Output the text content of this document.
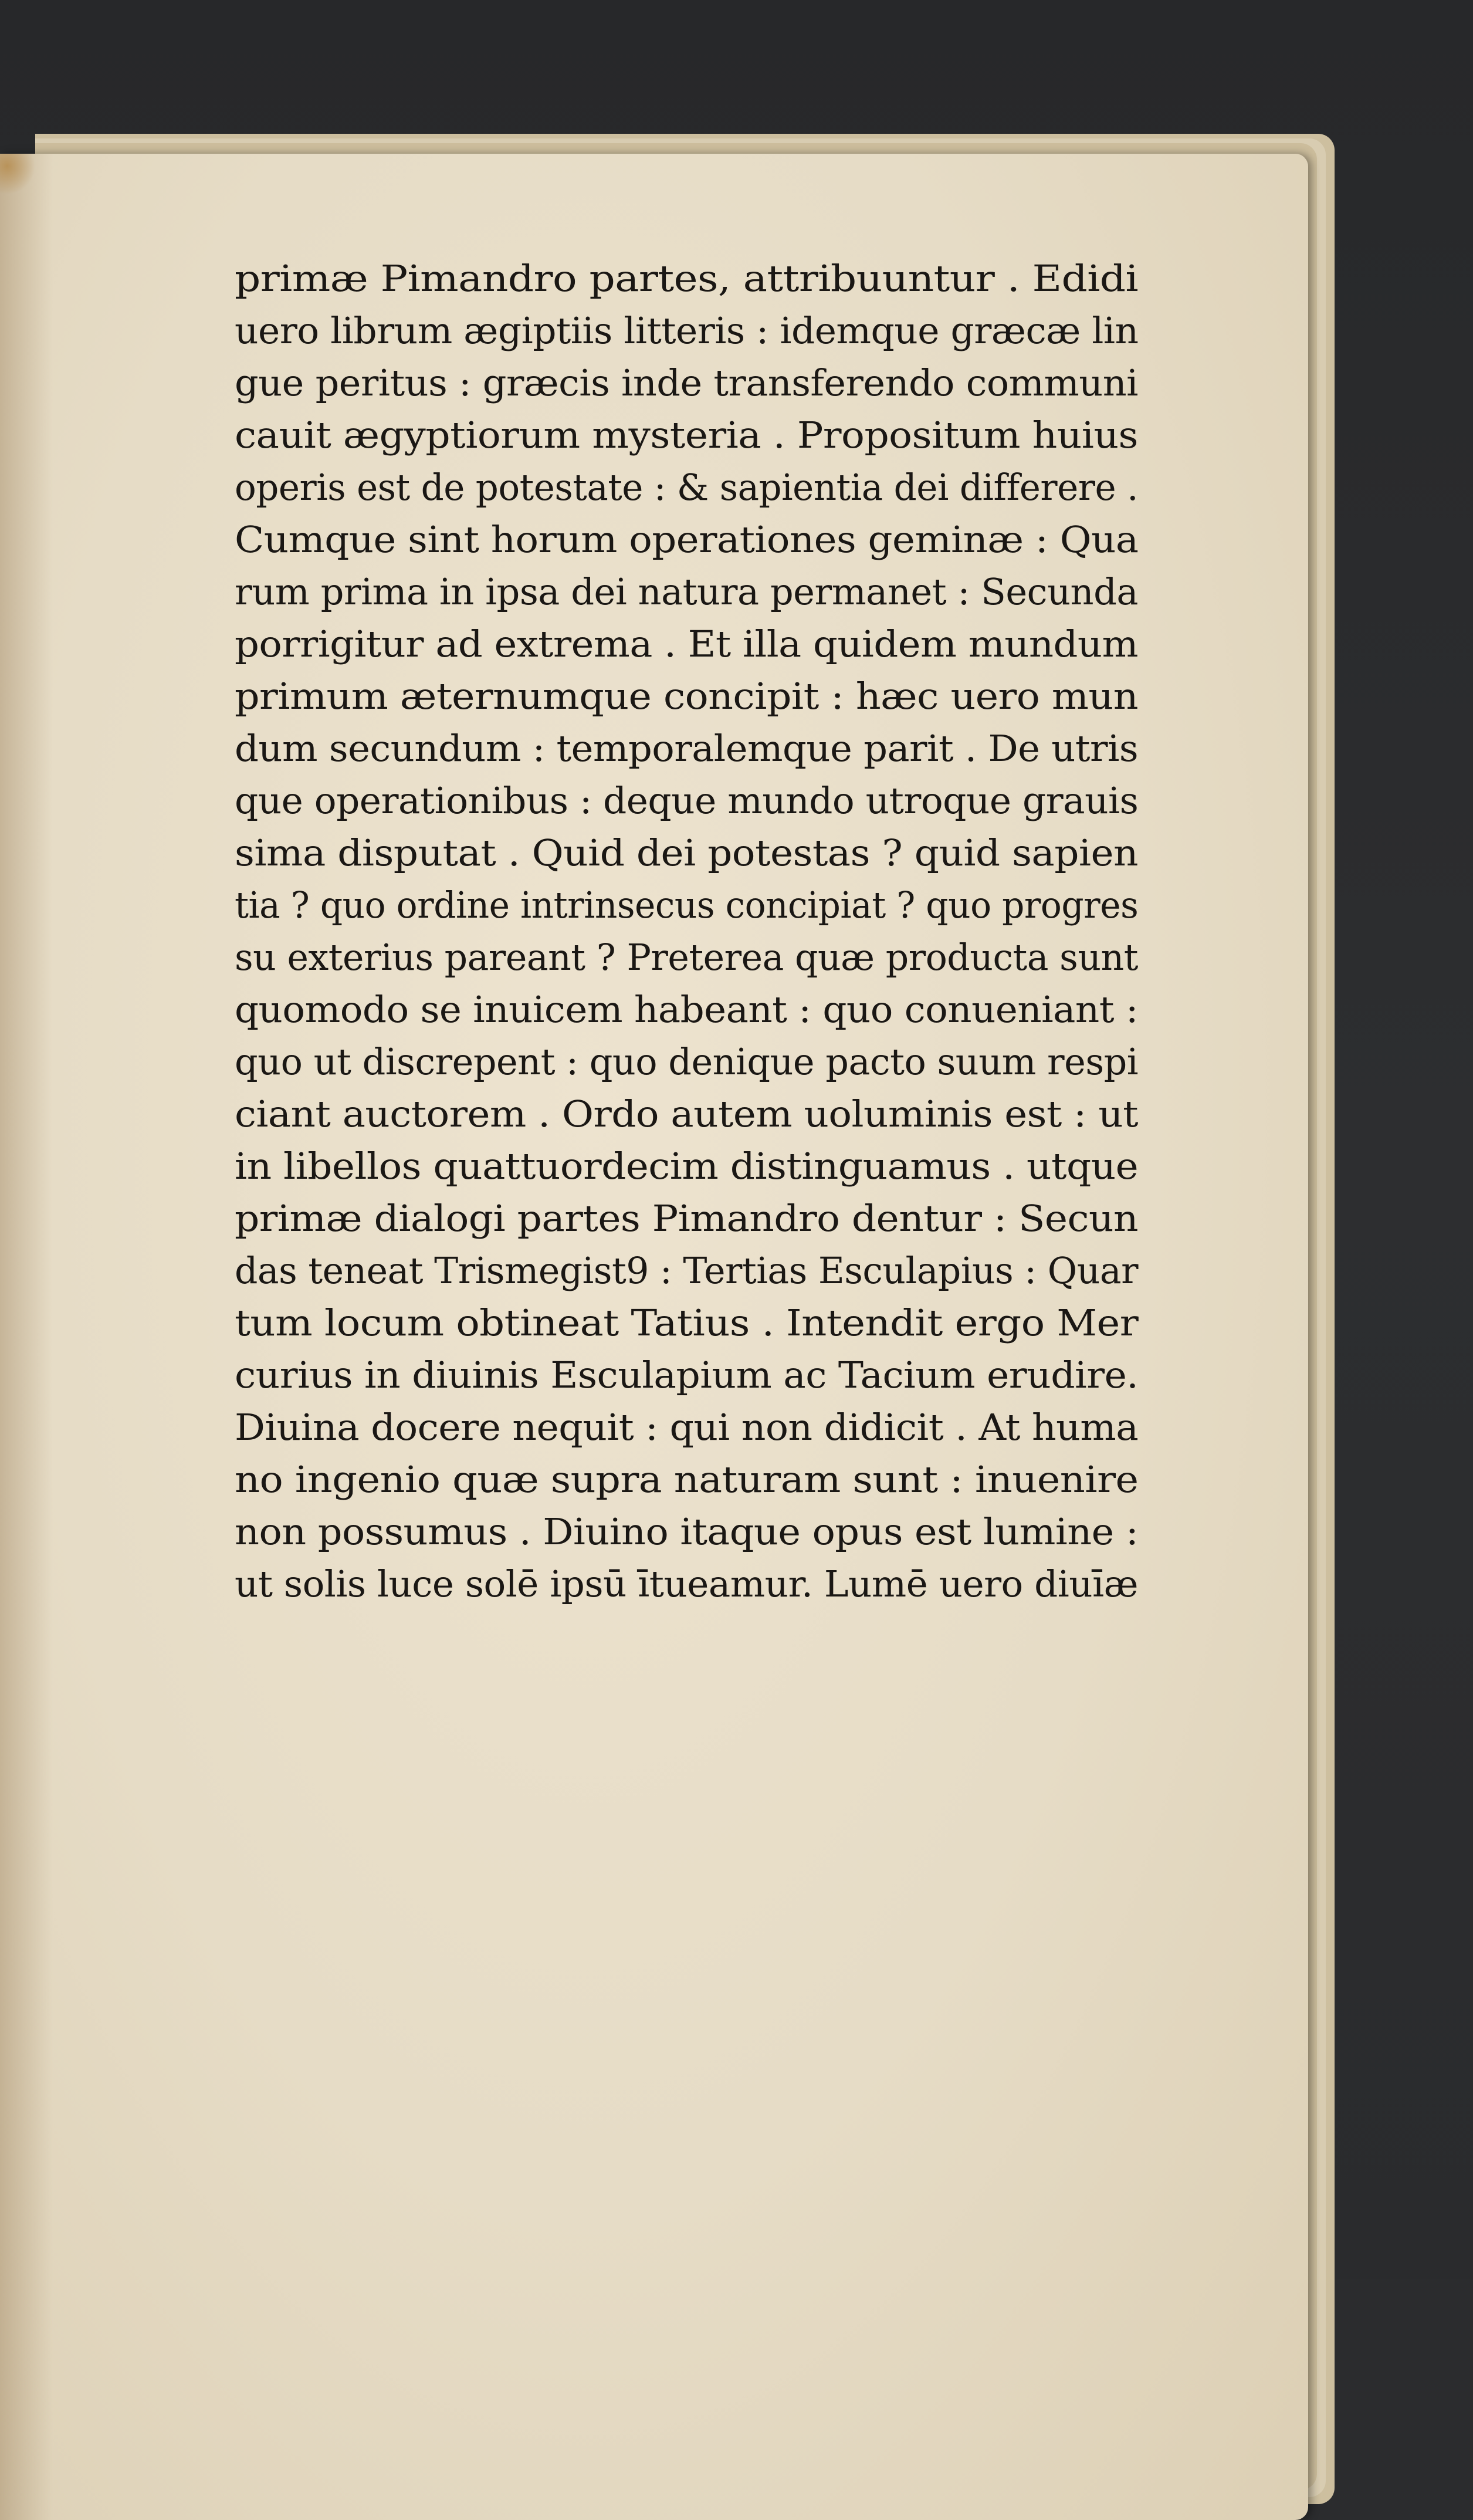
primæ Pimandro partes, attribuuntur . Edidi
uero librum ægiptiis litteris : idemque græcæ lin
gue peritus : græcis inde transferendo communi
cauit ægyptiorum mysteria . Propositum huius
operis est de potestate : & sapientia dei differere .
Cumque sint horum operationes geminæ : Qua
rum prima in ipsa dei natura permanet : Secunda
porrigitur ad extrema . Et illa quidem mundum
primum æternumque concipit : hæc uero mun
dum secundum : temporalemque parit . De utris
que operationibus : deque mundo utroque grauis
sima disputat . Quid dei potestas ? quid sapien
tia ? quo ordine intrinsecus concipiat ? quo progres
su exterius pareant ? Preterea quæ producta sunt
quomodo se inuicem habeant : quo conueniant :
quo ut discrepent : quo denique pacto suum respi
ciant auctorem . Ordo autem uoluminis est : ut
in libellos quattuordecim distinguamus . utque
primæ dialogi partes Pimandro dentur : Secun
das teneat Trismegist9 : Tertias Esculapius : Quar
tum locum obtineat Tatius . Intendit ergo Mer
curius in diuinis Esculapium ac Tacium erudire.
Diuina docere nequit : qui non didicit . At huma
no ingenio quæ supra naturam sunt : inuenire
non possumus . Diuino itaque opus est lumine :
ut solis luce solē ipsū ītueamur. Lumē uero diuīæ
